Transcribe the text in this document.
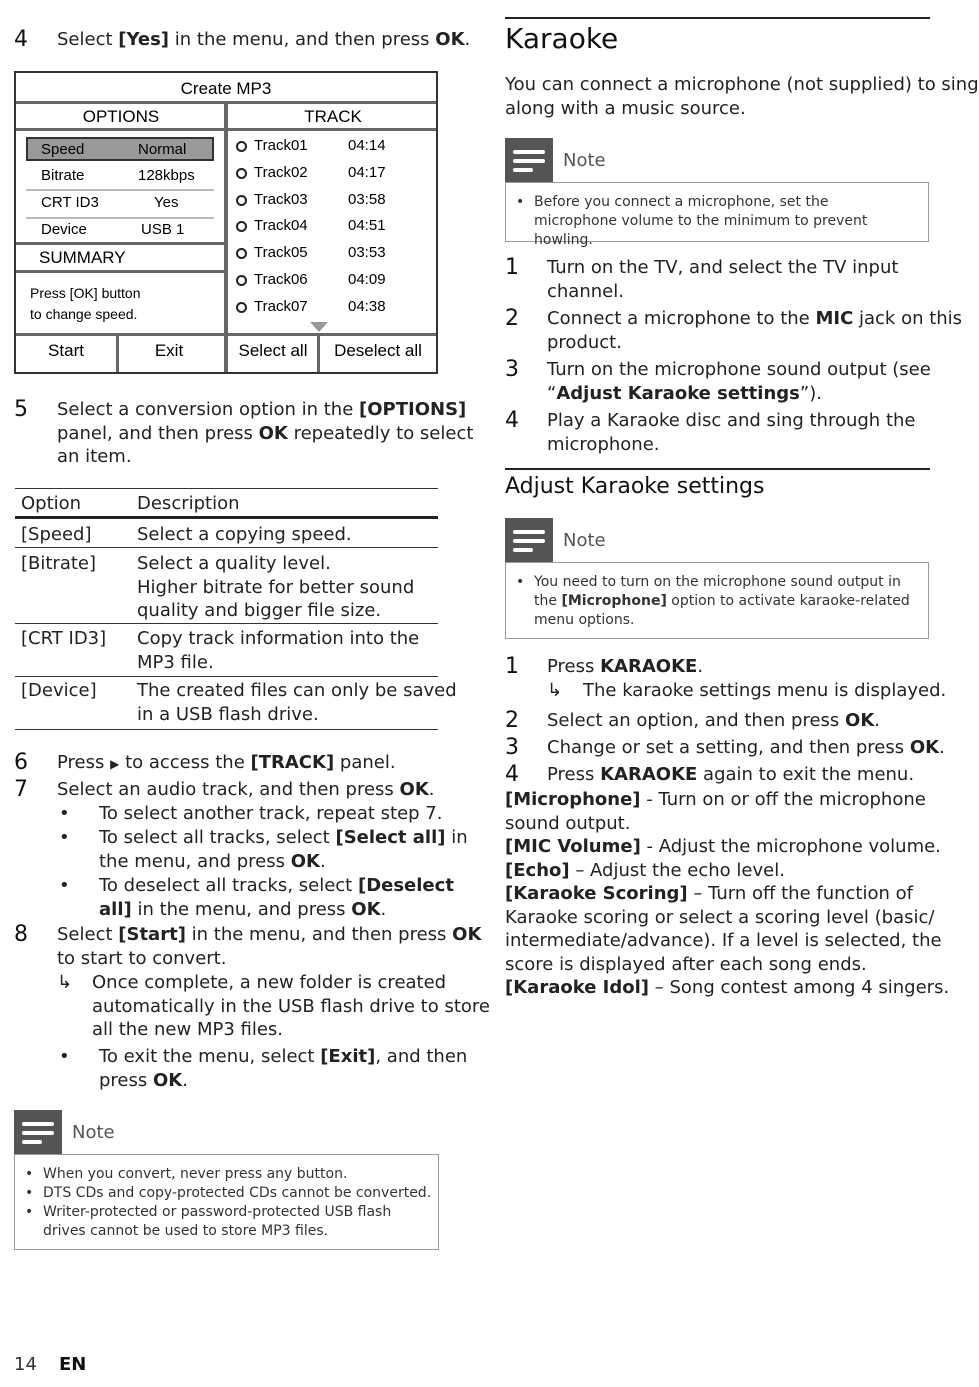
4 Select [Yes] in the menu, and then press OK.
Create MP3
OPTIONS	TRACK
Speed	Normal
Bitrate	128kbps
CRT ID3	Yes
Device	USB 1
SUMMARY
Press [OK] button
to change speed.
Track01	04:14
Track02	04:17
Track03	03:58
Track04	04:51
Track05	03:53
Track06	04:09
Track07	04:38
Start	Exit	Select all	Deselect all
5 Select a conversion option in the [OPTIONS]
panel, and then press OK repeatedly to select
an item.
Option	Description
[Speed]	Select a copying speed.
[Bitrate] Select a quality level.
Higher bitrate for better sound
quality and bigger file size.
[CRT ID3] Copy track information into the
MP3 file.
[Device] The created files can only be saved
in a USB flash drive.
6 Press ▶ to access the [TRACK] panel.
7 Select an audio track, and then press OK.
• To select another track, repeat step 7.
• To select all tracks, select [Select all] in
the menu, and press OK.
• To deselect all tracks, select [Deselect
all] in the menu, and press OK.
8 Select [Start] in the menu, and then press OK
to start to convert.
↳ Once complete, a new folder is created
automatically in the USB flash drive to store
all the new MP3 files.
• To exit the menu, select [Exit], and then
press OK.
Note
• When you convert, never press any button.
• DTS CDs and copy-protected CDs cannot be converted.
• Writer-protected or password-protected USB flash drives cannot be used to store MP3 files.
Karaoke
You can connect a microphone (not supplied) to sing
along with a music source.
Note
• Before you connect a microphone, set the microphone volume to the minimum to prevent howling.
1 Turn on the TV, and select the TV input
channel.
2 Connect a microphone to the MIC jack on this
product.
3 Turn on the microphone sound output (see
“Adjust Karaoke settings”).
4 Play a Karaoke disc and sing through the
microphone.
Adjust Karaoke settings
Note
• You need to turn on the microphone sound output in
the [Microphone] option to activate karaoke-related
menu options.
1 Press KARAOKE.
↳ The karaoke settings menu is displayed.
2 Select an option, and then press OK.
3 Change or set a setting, and then press OK.
4 Press KARAOKE again to exit the menu.
[Microphone] - Turn on or off the microphone
sound output.
[MIC Volume] - Adjust the microphone volume.
[Echo] – Adjust the echo level.
[Karaoke Scoring] – Turn off the function of
Karaoke scoring or select a scoring level (basic/
intermediate/advance). If a level is selected, the
score is displayed after each song ends.
[Karaoke Idol] – Song contest among 4 singers.
14 EN
